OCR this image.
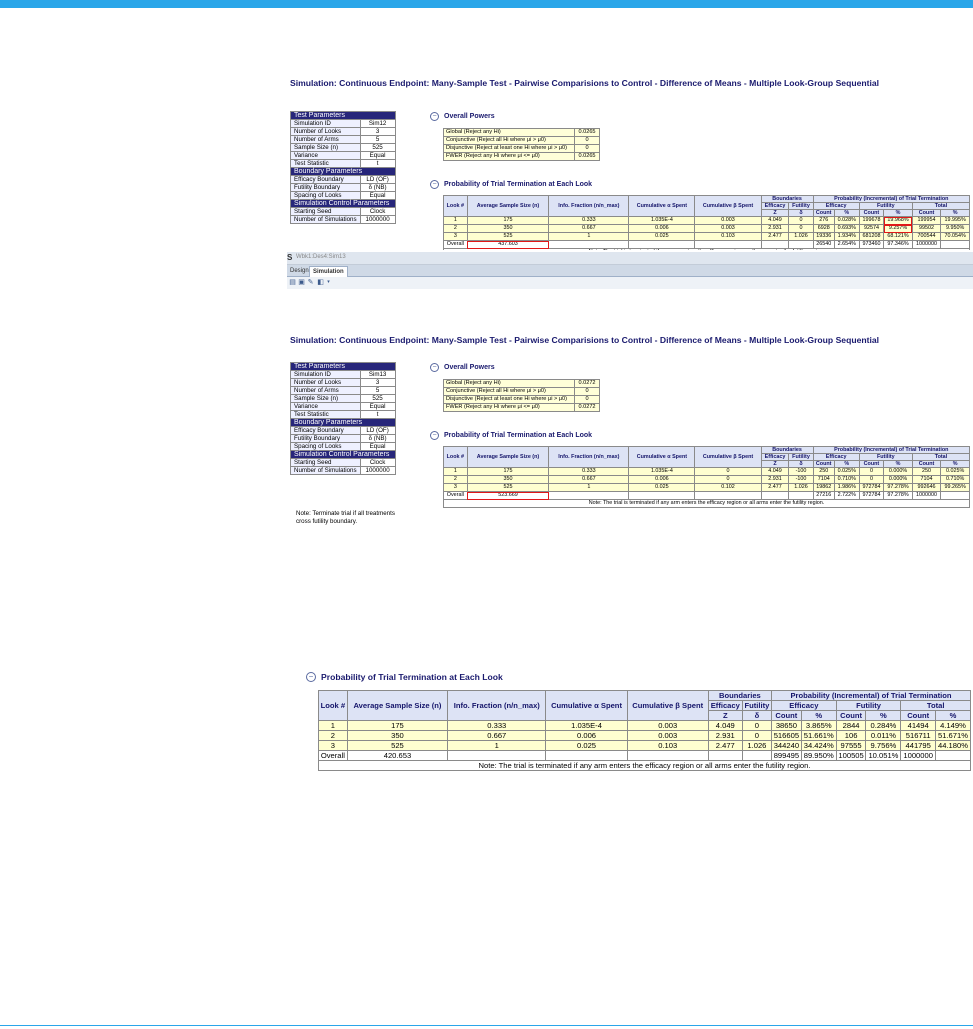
Simulation: Continuous Endpoint: Many-Sample Test - Pairwise Comparisions to Control - Difference of Means - Multiple Look-Group Sequential
Test Parameters	
Simulation ID	Sim12
Number of Looks	3
Number of Arms	5
Sample Size (n)	525
Variance	Equal
Test Statistic	t
Boundary Parameters	
Efficacy Boundary	LD (OF)
Futility Boundary	δ (NB)
Spacing of Looks	Equal
Simulation Control Parameters	
Starting Seed	Clock
Number of Simulations	1000000
−	Overall Powers
Global (Reject any Hi)	0.0265
Conjunctive (Reject all Hi where μi > μ0)	0
Disjunctive (Reject at least one Hi where μi > μ0)	0
FWER (Reject any Hi where μi <= μ0)	0.0265
−	Probability of Trial Termination at Each Look
Look #	Average Sample Size (n)	Info. Fraction (n/n_max)	Cumulative α Spent	Cumulative β Spent	Boundaries		Probability (Incremental) of Trial Termination					
					Efficacy	Futility	Efficacy		Futility		Total	
					Z	δ	Count	%	Count	%	Count	%
1	175	0.333	1.035E-4	0.003	4.049	0	276	0.028%	199678	19.968%	199954	19.995%
2	350	0.667	0.006	0.003	2.931	0	6928	0.693%	92574	9.257%	99502	9.950%
3	525	1	0.025	0.103	2.477	1.026	19336	1.934%	681208	68.121%	700544	70.054%
Overall	437.603						26540	2.654%	973460	97.346%	1000000	

S Wbk1:Des4:Sim13
Design Simulation
▤ ▣ ✎ ◧ ▾
Simulation: Continuous Endpoint: Many-Sample Test - Pairwise Comparisions to Control - Difference of Means - Multiple Look-Group Sequential
Test Parameters	
Simulation ID	Sim13
Number of Looks	3
Number of Arms	5
Sample Size (n)	525
Variance	Equal
Test Statistic	t
Boundary Parameters	
Efficacy Boundary	LD (OF)
Futility Boundary	δ (NB)
Spacing of Looks	Equal
Simulation Control Parameters	
Starting Seed	Clock
Number of Simulations	1000000
Note: Terminate trial if all treatments cross futility boundary.
−	Overall Powers
Global (Reject any Hi)	0.0272
Conjunctive (Reject all Hi where μi > μ0)	0
Disjunctive (Reject at least one Hi where μi > μ0)	0
FWER (Reject any Hi where μi <= μ0)	0.0272
−	Probability of Trial Termination at Each Look
Look #	Average Sample Size (n)	Info. Fraction (n/n_max)	Cumulative α Spent	Cumulative β Spent	Boundaries		Probability (Incremental) of Trial Termination					
					Efficacy	Futility	Efficacy		Futility		Total	
					Z	δ	Count	%	Count	%	Count	%
1	175	0.333	1.035E-4	0	4.049	-100	250	0.025%	0	0.000%	250	0.025%
2	350	0.667	0.006	0	2.931	-100	7104	0.710%	0	0.000%	7104	0.710%
3	525	1	0.025	0.102	2.477	1.026	19862	1.986%	972784	97.278%	992646	99.265%
Overall	523.669						27216	2.722%	972784	97.278%	1000000	
Note: The trial is terminated if any arm enters the efficacy region or all arms enter the futility region.												
− Probability of Trial Termination at Each Look
Look #	Average Sample Size (n)	Info. Fraction (n/n_max)	Cumulative α Spent	Cumulative β Spent	Boundaries		Probability (Incremental) of Trial Termination					
					Efficacy	Futility	Efficacy		Futility		Total	
					Z	δ	Count	%	Count	%	Count	%
1	175	0.333	1.035E-4	0.003	4.049	0	38650	3.865%	2844	0.284%	41494	4.149%
2	350	0.667	0.006	0.003	2.931	0	516605	51.661%	106	0.011%	516711	51.671%
3	525	1	0.025	0.103	2.477	1.026	344240	34.424%	97555	9.756%	441795	44.180%
Overall	420.653						899495	89.950%	100505	10.051%	1000000	
Note: The trial is terminated if any arm enters the efficacy region or all arms enter the futility region.												
